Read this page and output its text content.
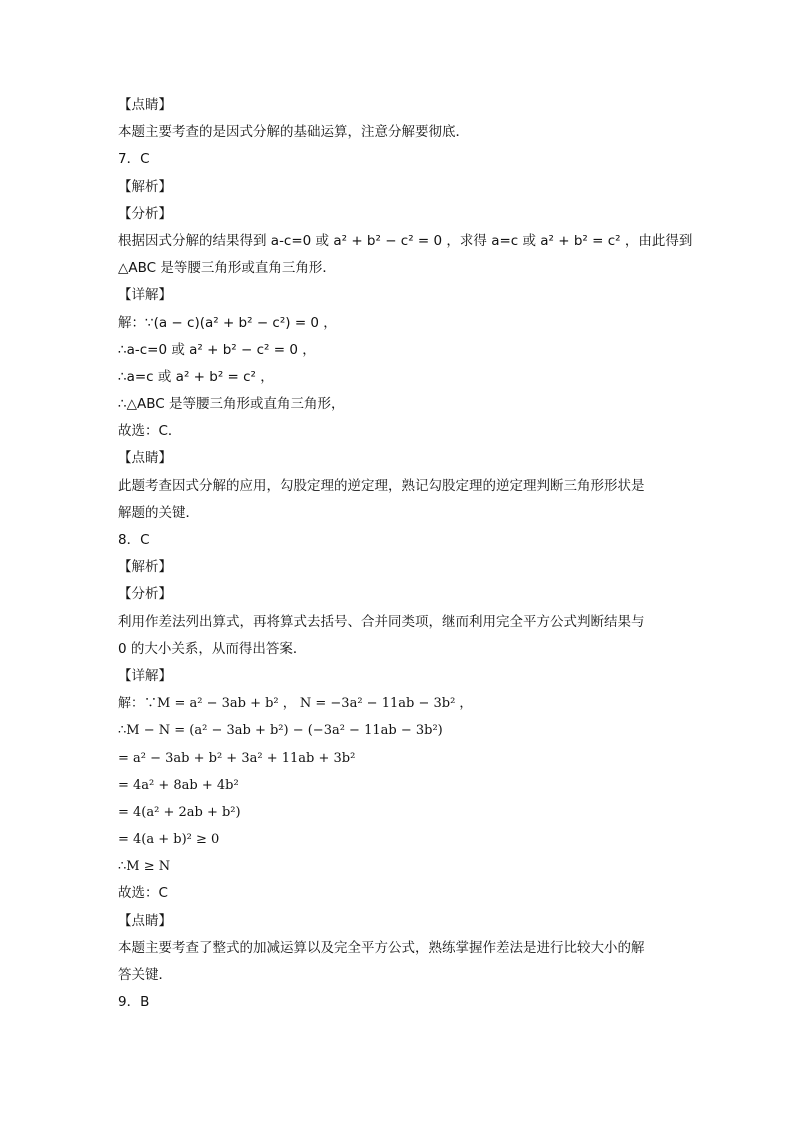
【点睛】
本题主要考查的是因式分解的基础运算，注意分解要彻底．
7．C
【解析】
【分析】
根据因式分解的结果得到 a-c=0 或 a² + b² − c² = 0 ，求得 a=c 或 a² + b² = c² ，由此得到
△ABC 是等腰三角形或直角三角形．
【详解】
解：∵(a − c)(a² + b² − c²) = 0 ，
∴a-c=0 或 a² + b² − c² = 0 ，
∴a=c 或 a² + b² = c² ，
∴△ABC 是等腰三角形或直角三角形，
故选：C．
【点睛】
此题考查因式分解的应用，勾股定理的逆定理，熟记勾股定理的逆定理判断三角形形状是
解题的关键．
8．C
【解析】
【分析】
利用作差法列出算式，再将算式去括号、合并同类项，继而利用完全平方公式判断结果与
0 的大小关系，从而得出答案．
【详解】
解：∵M = a² − 3ab + b² ， N = −3a² − 11ab − 3b² ，
∴M − N = (a² − 3ab + b²) − (−3a² − 11ab − 3b²)
= a² − 3ab + b² + 3a² + 11ab + 3b²
= 4a² + 8ab + 4b²
= 4(a² + 2ab + b²)
= 4(a + b)² ≥ 0
∴M ≥ N
故选：C
【点睛】
本题主要考查了整式的加减运算以及完全平方公式，熟练掌握作差法是进行比较大小的解
答关键．
9．B
